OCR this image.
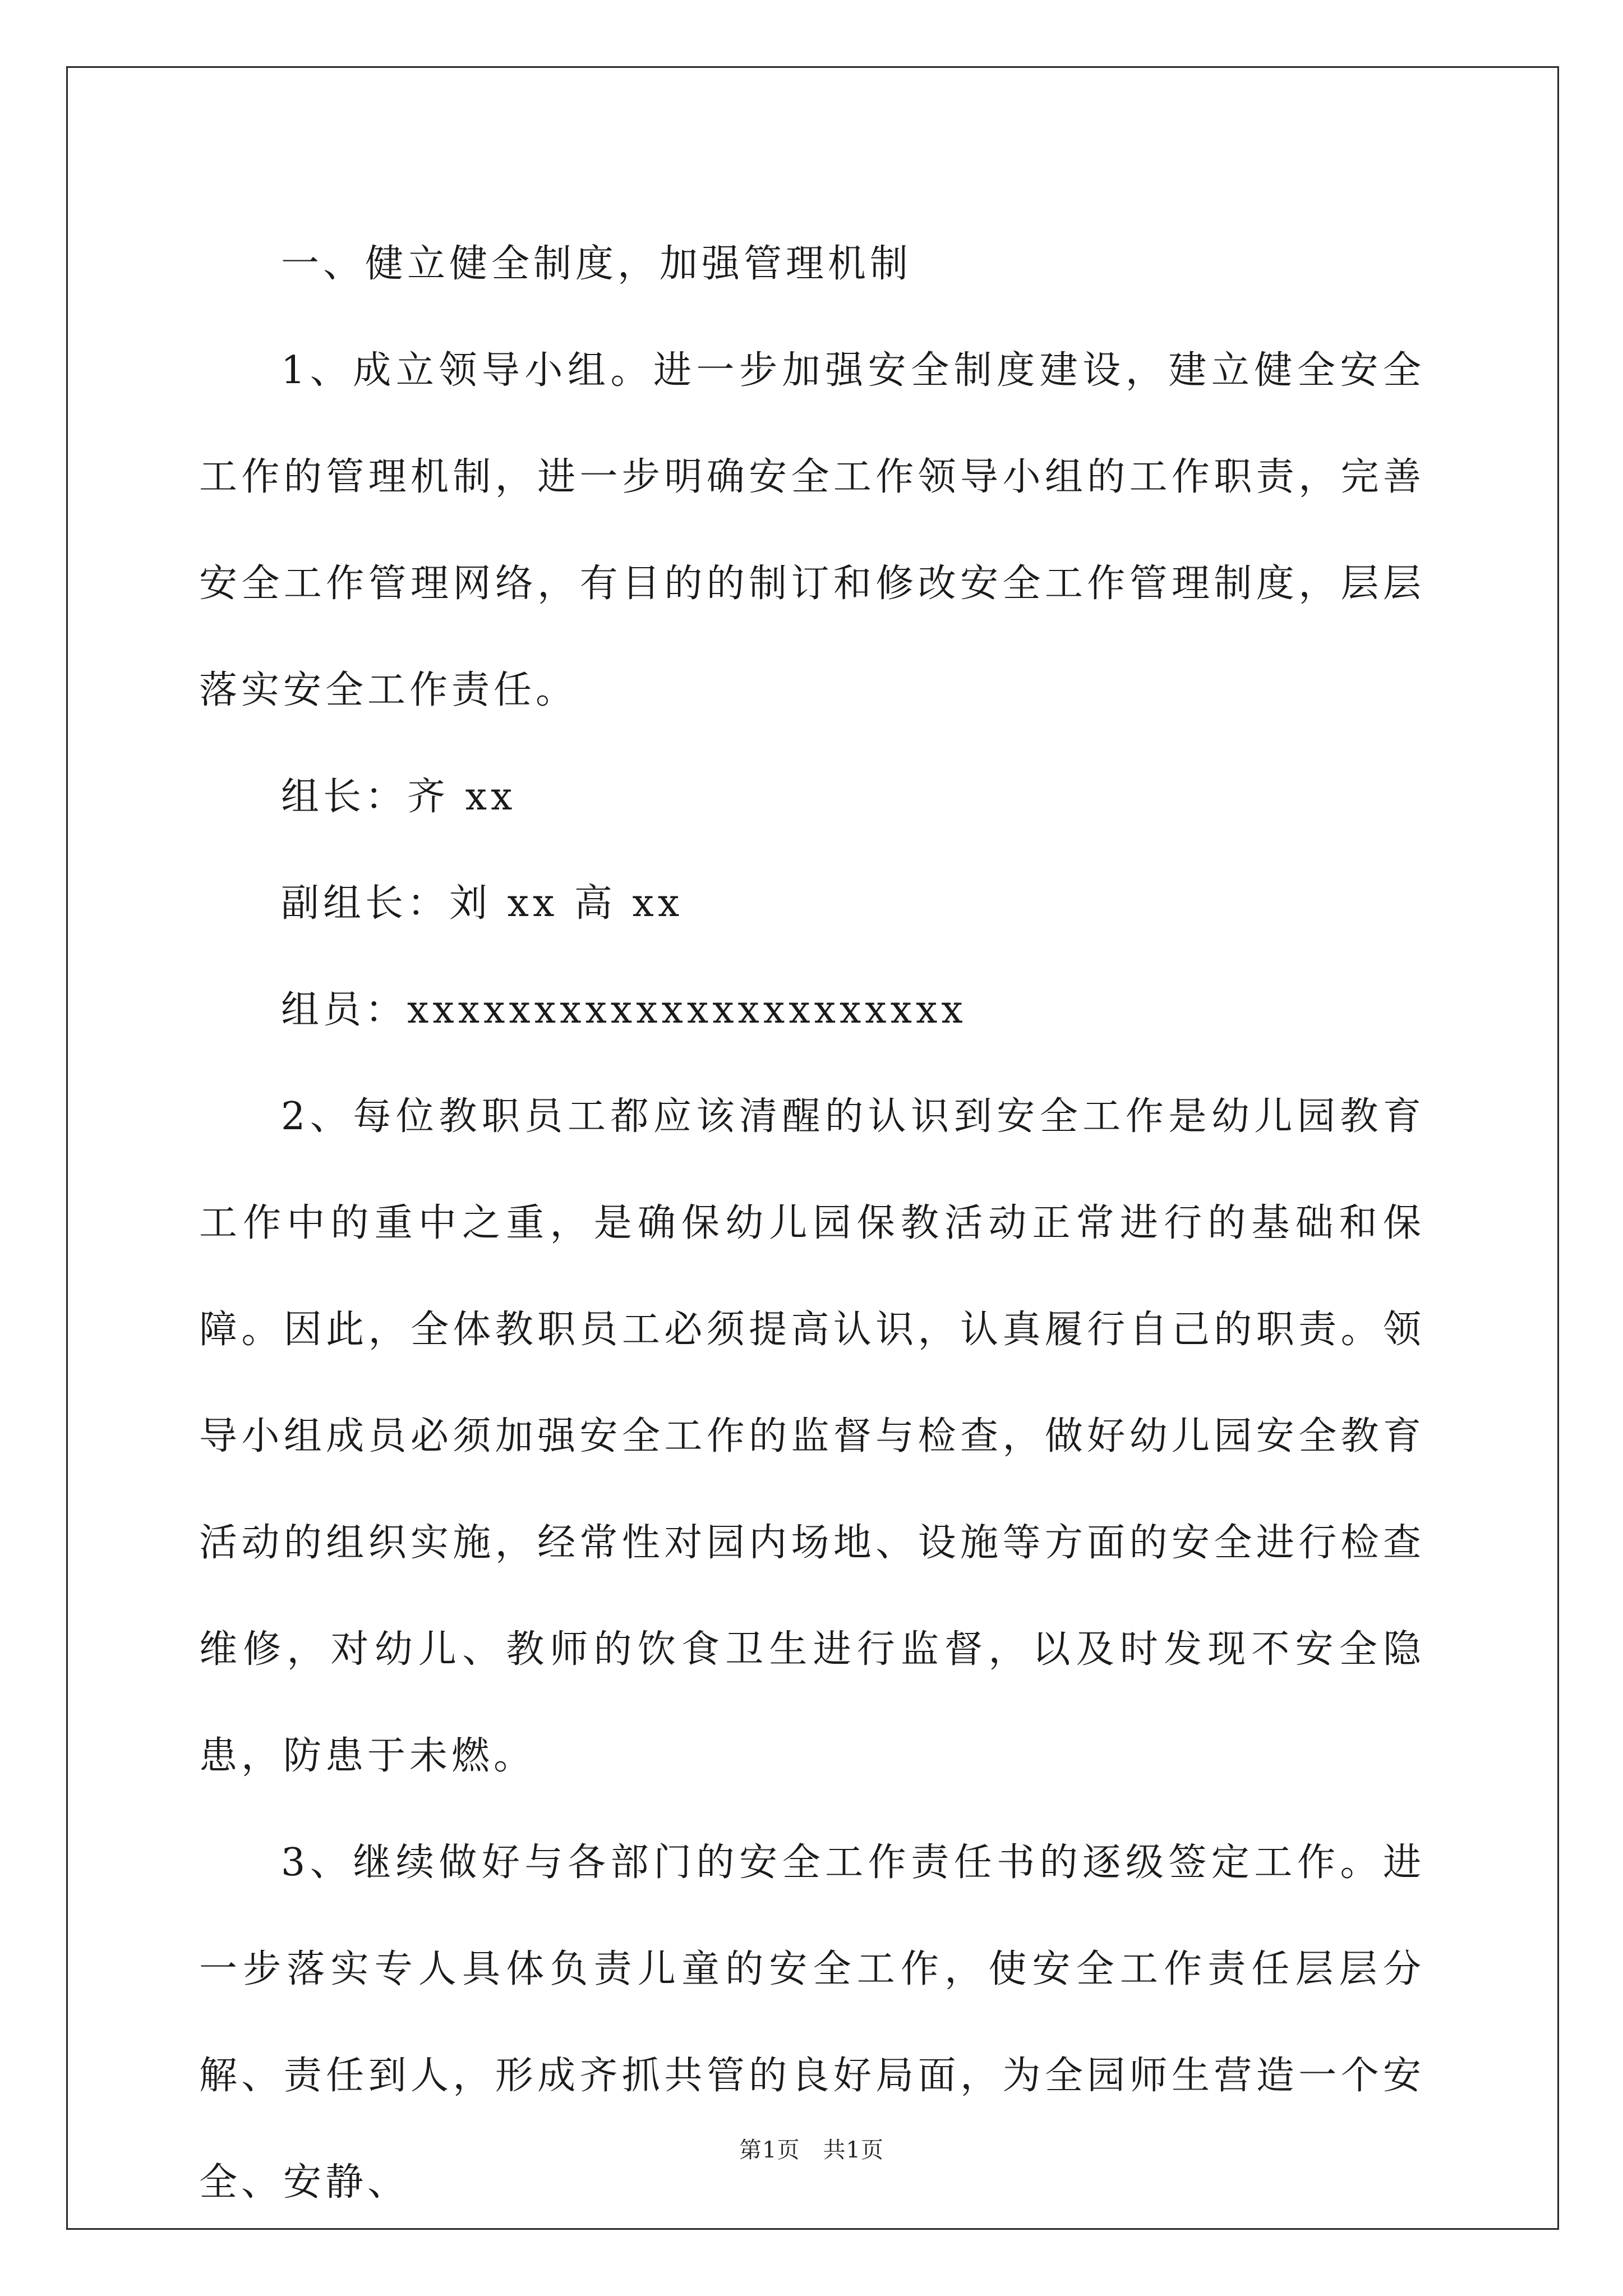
一、健立健全制度，加强管理机制

1、成立领导小组。进一步加强安全制度建设，建立健全安全工作的管理机制，进一步明确安全工作领导小组的工作职责，完善安全工作管理网络，有目的的制订和修改安全工作管理制度，层层落实安全工作责任。

组长：齐 xx

副组长：刘 xx 高 xx

组员：xxxxxxxxxxxxxxxxxxxxxx

2、每位教职员工都应该清醒的认识到安全工作是幼儿园教育工作中的重中之重，是确保幼儿园保教活动正常进行的基础和保障。因此，全体教职员工必须提高认识，认真履行自己的职责。领导小组成员必须加强安全工作的监督与检查，做好幼儿园安全教育活动的组织实施，经常性对园内场地、设施等方面的安全进行检查维修，对幼儿、教师的饮食卫生进行监督，以及时发现不安全隐患，防患于未燃。

3、继续做好与各部门的安全工作责任书的逐级签定工作。进一步落实专人具体负责儿童的安全工作，使安全工作责任层层分解、责任到人，形成齐抓共管的良好局面，为全园师生营造一个安全、安静、

第1页　共1页
